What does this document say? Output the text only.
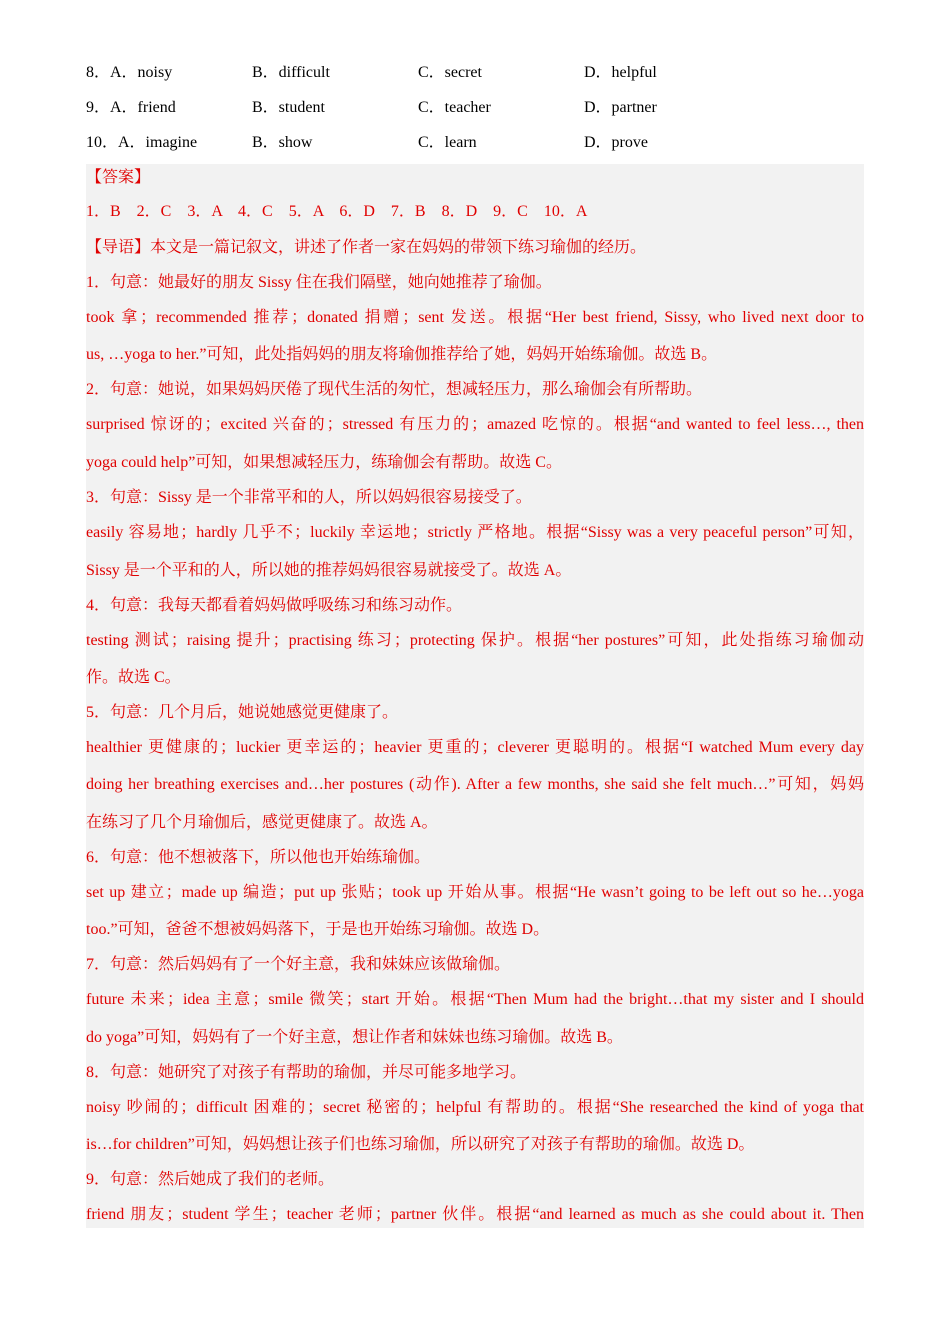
8．A．noisy	B．difficult	C．secret	D．helpful
9．A．friend	B．student	C．teacher	D．partner
10．A．imagine	B．show	C．learn	D．prove
【答案】
1．B　2．C　3．A　4．C　5．A　6．D　7．B　8．D　9．C　10．A
【导语】本文是一篇记叙文，讲述了作者一家在妈妈的带领下练习瑜伽的经历。
1．句意：她最好的朋友 Sissy 住在我们隔壁，她向她推荐了瑜伽。
took 拿；recommended 推荐；donated 捐赠；sent 发送。根据“Her best friend, Sissy, who lived next door to
us, …yoga to her.”可知，此处指妈妈的朋友将瑜伽推荐给了她，妈妈开始练瑜伽。故选 B。
2．句意：她说，如果妈妈厌倦了现代生活的匆忙，想减轻压力，那么瑜伽会有所帮助。
surprised 惊讶的；excited 兴奋的；stressed 有压力的；amazed 吃惊的。根据“and wanted to feel less…, then
yoga could help”可知，如果想减轻压力，练瑜伽会有帮助。故选 C。
3．句意：Sissy 是一个非常平和的人，所以妈妈很容易接受了。
easily 容易地；hardly 几乎不；luckily 幸运地；strictly 严格地。根据“Sissy was a very peaceful person”可知，
Sissy 是一个平和的人，所以她的推荐妈妈很容易就接受了。故选 A。
4．句意：我每天都看着妈妈做呼吸练习和练习动作。
testing 测试；raising 提升；practising 练习；protecting 保护。根据“her postures”可知，此处指练习瑜伽动
作。故选 C。
5．句意：几个月后，她说她感觉更健康了。
healthier 更健康的；luckier 更幸运的；heavier 更重的；cleverer 更聪明的。根据“I watched Mum every day
doing her breathing exercises and…her postures (动作). After a few months, she said she felt much…”可知，妈妈
在练习了几个月瑜伽后，感觉更健康了。故选 A。
6．句意：他不想被落下，所以他也开始练瑜伽。
set up 建立；made up 编造；put up 张贴；took up 开始从事。根据“He wasn’t going to be left out so he…yoga
too.”可知，爸爸不想被妈妈落下，于是也开始练习瑜伽。故选 D。
7．句意：然后妈妈有了一个好主意，我和妹妹应该做瑜伽。
future 未来；idea 主意；smile 微笑；start 开始。根据“Then Mum had the bright…that my sister and I should
do yoga”可知，妈妈有了一个好主意，想让作者和妹妹也练习瑜伽。故选 B。
8．句意：她研究了对孩子有帮助的瑜伽，并尽可能多地学习。
noisy 吵闹的；difficult 困难的；secret 秘密的；helpful 有帮助的。根据“She researched the kind of yoga that
is…for children”可知，妈妈想让孩子们也练习瑜伽，所以研究了对孩子有帮助的瑜伽。故选 D。
9．句意：然后她成了我们的老师。
friend 朋友；student 学生；teacher 老师；partner 伙伴。根据“and learned as much as she could about it. Then
